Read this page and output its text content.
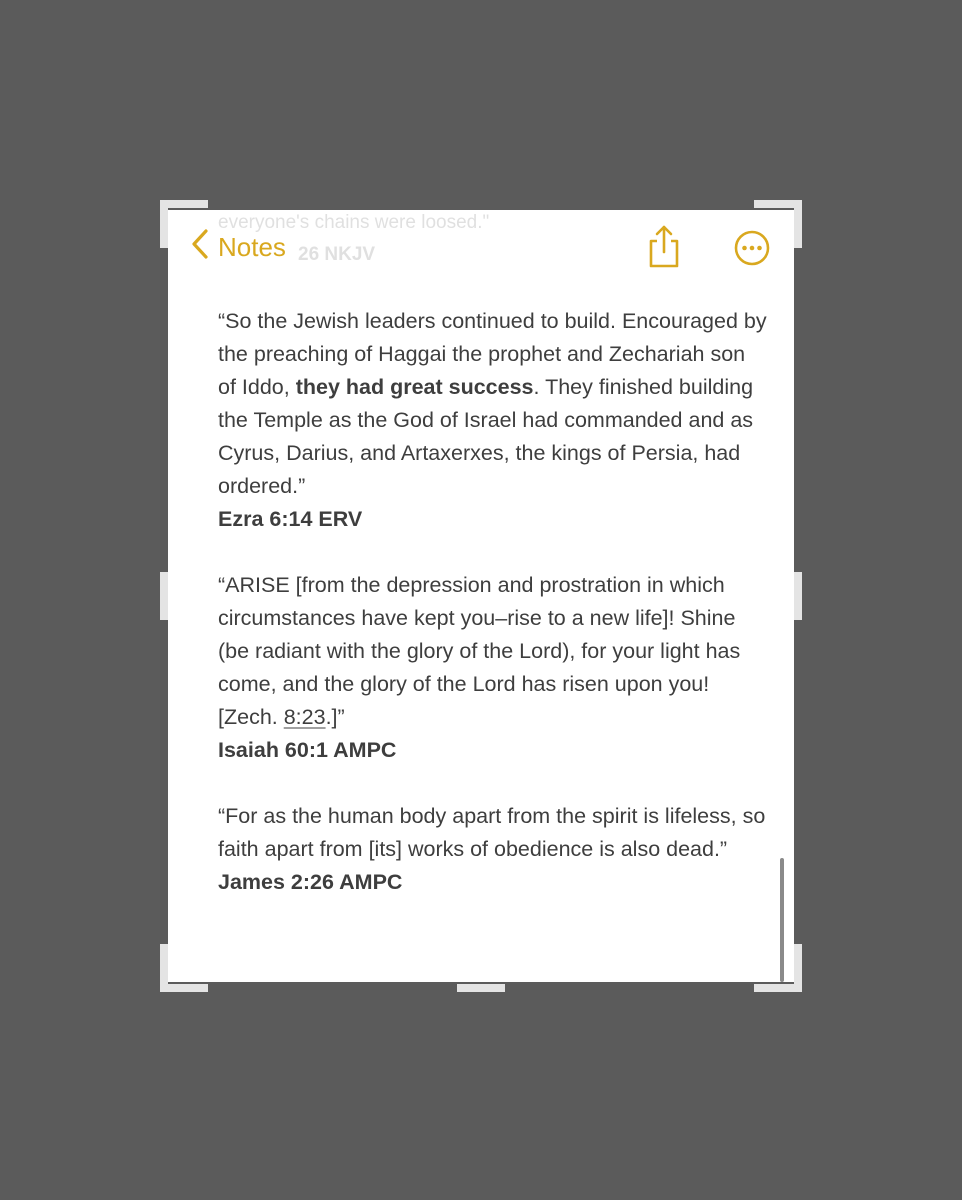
everyone's chains were loosed."
26 NKJV
Notes
“So the Jewish leaders continued to build. Encouraged by the preaching of Haggai the prophet and Zechariah son of Iddo, they had great success. They finished building the Temple as the God of Israel had commanded and as Cyrus, Darius, and Artaxerxes, the kings of Persia, had ordered.”
Ezra 6:14 ERV
“ARISE [from the depression and prostration in which circumstances have kept you–rise to a new life]! Shine (be radiant with the glory of the Lord), for your light has come, and the glory of the Lord has risen upon you! [Zech. 8:23.]”
Isaiah 60:1 AMPC
“For as the human body apart from the spirit is lifeless, so faith apart from [its] works of obedience is also dead.”
James 2:26 AMPC
